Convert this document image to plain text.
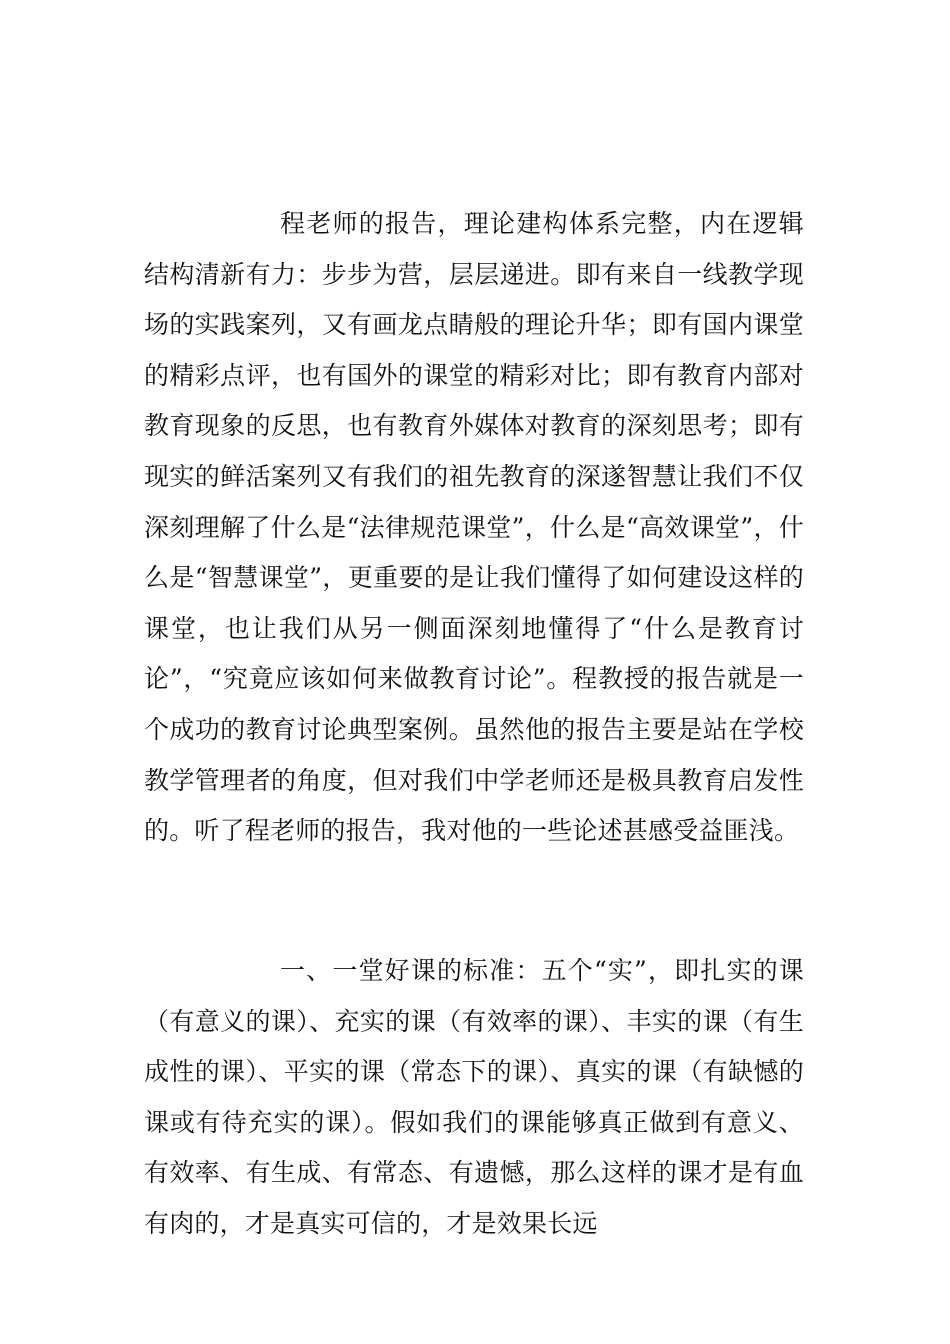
程老师的报告，理论建构体系完整，内在逻辑结构清新有力：步步为营，层层递进。即有来自一线教学现场的实践案列，又有画龙点睛般的理论升华；即有国内课堂的精彩点评，也有国外的课堂的精彩对比；即有教育内部对教育现象的反思，也有教育外媒体对教育的深刻思考；即有现实的鲜活案列又有我们的祖先教育的深遂智慧让我们不仅深刻理解了什么是“法律规范课堂”，什么是“高效课堂”，什么是“智慧课堂”，更重要的是让我们懂得了如何建设这样的课堂，也让我们从另一侧面深刻地懂得了“什么是教育讨论”，“究竟应该如何来做教育讨论”。程教授的报告就是一个成功的教育讨论典型案例。虽然他的报告主要是站在学校教学管理者的角度，但对我们中学老师还是极具教育启发性的。听了程老师的报告，我对他的一些论述甚感受益匪浅。

一、一堂好课的标准：五个“实”，即扎实的课（有意义的课）、充实的课（有效率的课）、丰实的课（有生成性的课）、平实的课（常态下的课）、真实的课（有缺憾的课或有待充实的课）。假如我们的课能够真正做到有意义、有效率、有生成、有常态、有遗憾，那么这样的课才是有血有肉的，才是真实可信的，才是效果长远
